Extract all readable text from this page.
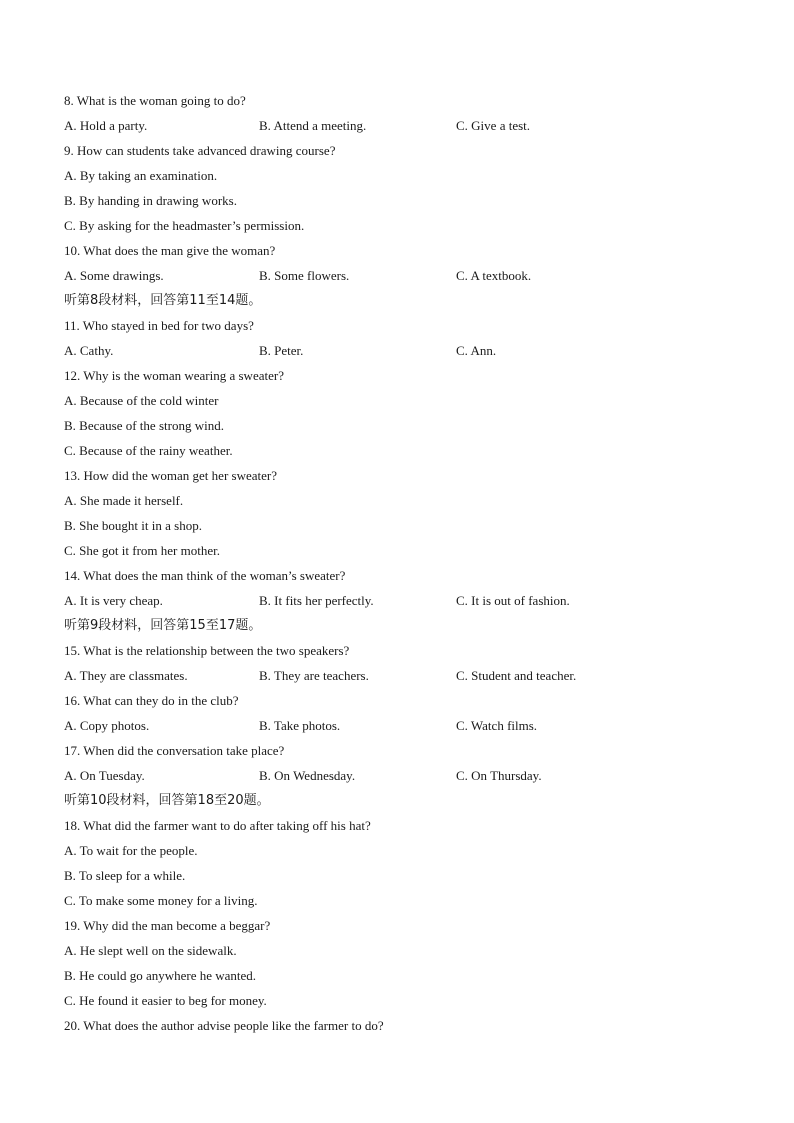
8. What is the woman going to do?
A. Hold a party.	B. Attend a meeting.	C. Give a test.
9. How can students take advanced drawing course?
A. By taking an examination.
B. By handing in drawing works.
C. By asking for the headmaster’s permission.
10. What does the man give the woman?
A. Some drawings.	B. Some flowers.	C. A textbook.
听第8段材料，回答第11至14题。
11. Who stayed in bed for two days?
A. Cathy.	B. Peter.	C. Ann.
12. Why is the woman wearing a sweater?
A. Because of the cold winter
B. Because of the strong wind.
C. Because of the rainy weather.
13. How did the woman get her sweater?
A. She made it herself.
B. She bought it in a shop.
C. She got it from her mother.
14. What does the man think of the woman’s sweater?
A. It is very cheap.	B. It fits her perfectly.	C. It is out of fashion.
听第9段材料，回答第15至17题。
15. What is the relationship between the two speakers?
A. They are classmates.	B. They are teachers.	C. Student and teacher.
16. What can they do in the club?
A. Copy photos.	B. Take photos.	C. Watch films.
17. When did the conversation take place?
A. On Tuesday.	B. On Wednesday.	C. On Thursday.
听第10段材料，回答第18至20题。
18. What did the farmer want to do after taking off his hat?
A. To wait for the people.
B. To sleep for a while.
C. To make some money for a living.
19. Why did the man become a beggar?
A. He slept well on the sidewalk.
B. He could go anywhere he wanted.
C. He found it easier to beg for money.
20. What does the author advise people like the farmer to do?
